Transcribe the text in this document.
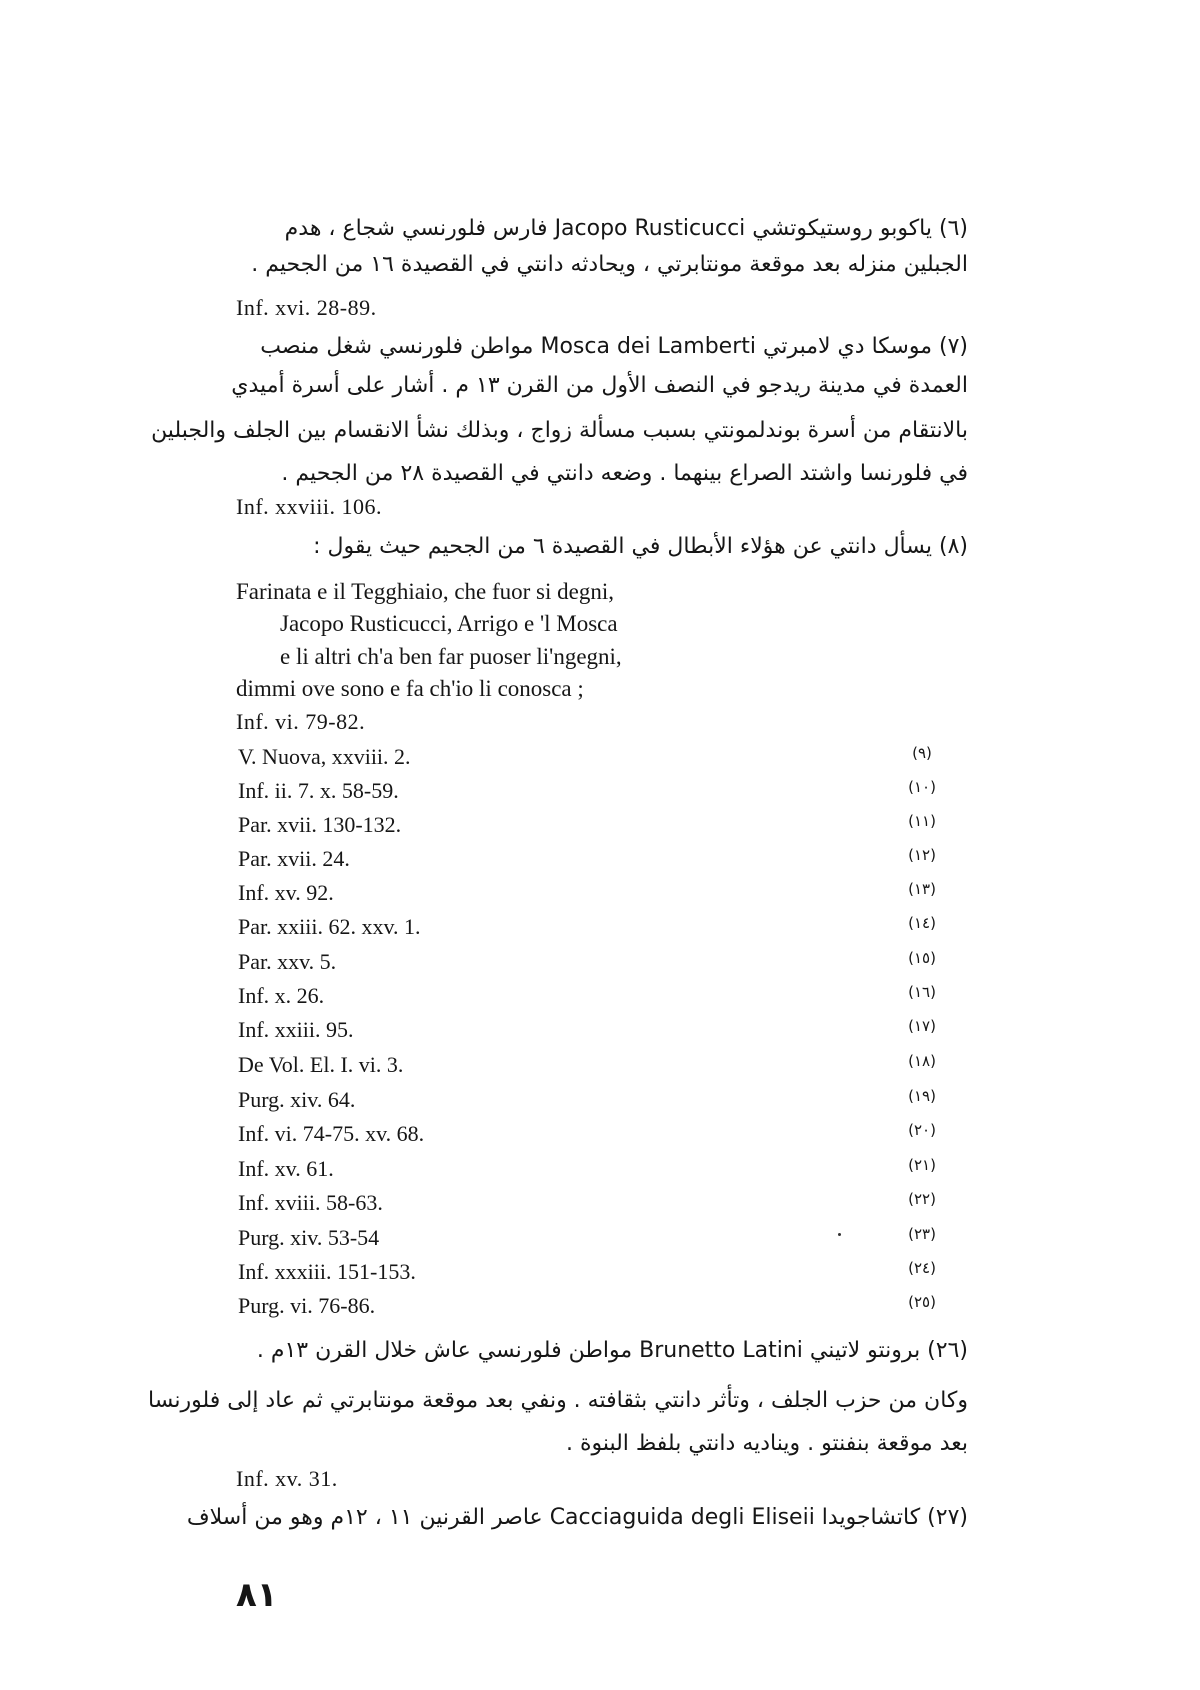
(٦) ياكوبو روستيكوتشي Jacopo Rusticucci فارس فلورنسي شجاع ، هدم
الجبلين منزله بعد موقعة مونتابرتي ، ويحادثه دانتي في القصيدة ١٦ من الجحيم .
Inf. xvi. 28-89.
(٧) موسكا دي لامبرتي Mosca dei Lamberti مواطن فلورنسي شغل منصب
العمدة في مدينة ريدجو في النصف الأول من القرن ١٣ م . أشار على أسرة أميدي
بالانتقام من أسرة بوندلمونتي بسبب مسألة زواج ، وبذلك نشأ الانقسام بين الجلف والجبلين
في فلورنسا واشتد الصراع بينهما . وضعه دانتي في القصيدة ٢٨ من الجحيم .
Inf. xxviii. 106.
(٨) يسأل دانتي عن هؤلاء الأبطال في القصيدة ٦ من الجحيم حيث يقول :
Farinata e il Tegghiaio, che fuor si degni,
Jacopo Rusticucci, Arrigo e 'l Mosca
e li altri ch'a ben far puoser li'ngegni,
dimmi ove sono e fa ch'io li conosca ;
Inf. vi. 79-82.
(٩)
V. Nuova, xxviii. 2.
(١٠)
Inf. ii. 7. x. 58-59.
(١١)
Par. xvii. 130-132.
(١٢)
Par. xvii. 24.
(١٣)
Inf. xv. 92.
(١٤)
Par. xxiii. 62. xxv. 1.
(١٥)
Par. xxv. 5.
(١٦)
Inf. x. 26.
(١٧)
Inf. xxiii. 95.
(١٨)
De Vol. El. I. vi. 3.
(١٩)
Purg. xiv. 64.
(٢٠)
Inf. vi. 74-75. xv. 68.
(٢١)
Inf. xv. 61.
(٢٢)
Inf. xviii. 58-63.
(٢٣)
Purg. xiv. 53-54
(٢٤)
Inf. xxxiii. 151-153.
(٢٥)
Purg. vi. 76-86.
(٢٦) برونتو لاتيني Brunetto Latini مواطن فلورنسي عاش خلال القرن ١٣م .
وكان من حزب الجلف ، وتأثر دانتي بثقافته . ونفي بعد موقعة مونتابرتي ثم عاد إلى فلورنسا
بعد موقعة بنفنتو . ويناديه دانتي بلفظ البنوة .
Inf. xv. 31.
(٢٧) كاتشاجويدا Cacciaguida degli Eliseii عاصر القرنين ١١ ، ١٢م وهو من أسلاف
٨١
